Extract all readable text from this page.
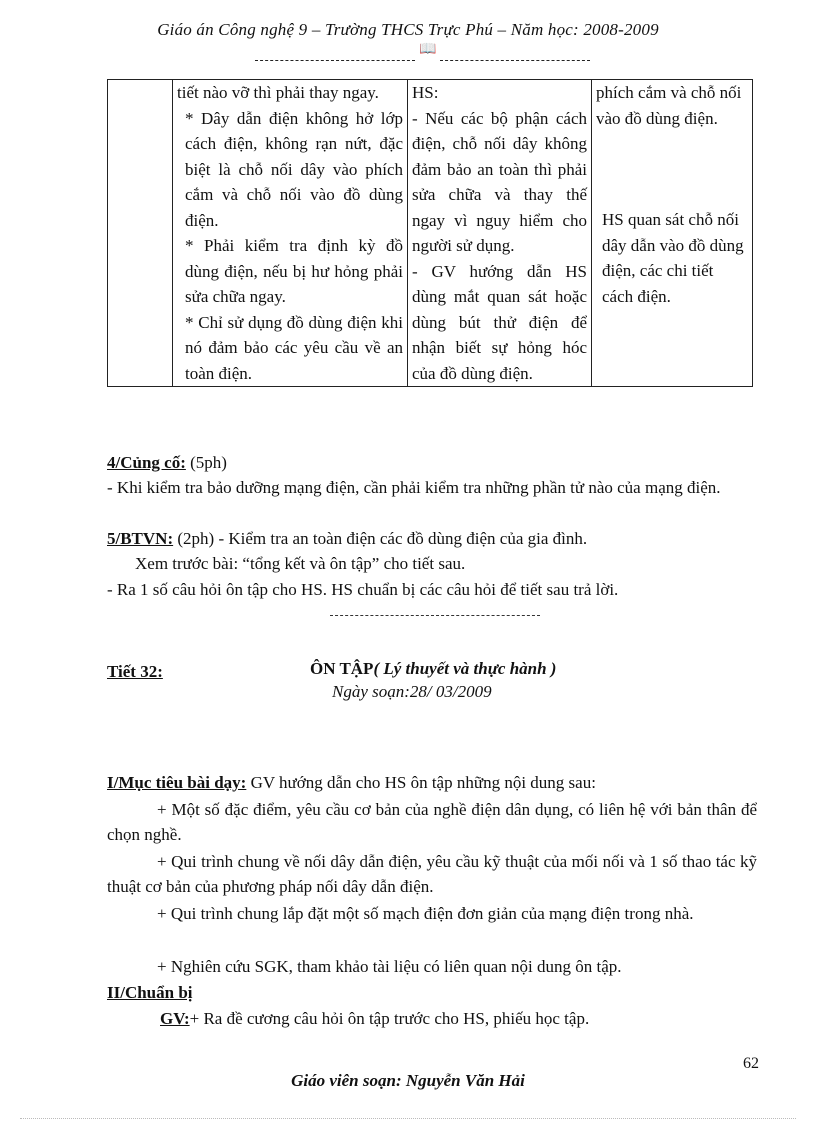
Giáo án Công nghệ 9 – Trường THCS Trực Phú – Năm học: 2008-2009
📖

tiết nào vỡ thì phải thay ngay.
* Dây dẫn điện không hở lớp cách điện, không rạn nứt, đặc biệt là chỗ nối dây vào phích cắm và chỗ nối vào đồ dùng điện.
* Phải kiểm tra định kỳ đồ dùng điện, nếu bị hư hỏng phải sửa chữa ngay.
* Chỉ sử dụng đồ dùng điện khi nó đảm bảo các yêu cầu về an toàn điện.

HS:
- Nếu các bộ phận cách điện, chỗ nối dây không đảm bảo an toàn thì phải sửa chữa và thay thế ngay vì nguy hiểm cho người sử dụng.
- GV hướng dẫn HS dùng mắt quan sát hoặc dùng bút thử điện để nhận biết sự hỏng hóc của đồ dùng điện.

phích cắm và chỗ nối vào đồ dùng điện.
HS quan sát chỗ nối dây dẫn vào đồ dùng điện, các chi tiết cách điện.
4/Củng cố: (5ph)
- Khi kiểm tra bảo dưỡng mạng điện, cần phải kiểm tra những phần tử nào của mạng điện.
5/BTVN: (2ph) - Kiểm tra an toàn điện các đồ dùng điện của gia đình.
Xem trước bài: “tổng kết và ôn tập” cho tiết sau.
- Ra 1 số câu hỏi ôn tập cho HS. HS chuẩn bị các câu hỏi để tiết sau trả lời.
Tiết 32:	ÔN TẬP( Lý thuyết và thực hành )
Ngày soạn:28/ 03/2009
I/Mục tiêu bài dạy: GV hướng dẫn cho HS ôn tập những nội dung sau:
+ Một số đặc điểm, yêu cầu cơ bản của nghề điện dân dụng, có liên hệ với bản thân để chọn nghề.
+ Qui trình chung về nối dây dẫn điện, yêu cầu kỹ thuật của mối nối và 1 số thao tác kỹ thuật cơ bản của phương pháp nối dây dẫn điện.
+ Qui trình chung lắp đặt một số mạch điện đơn giản của mạng điện trong nhà.
+ Nghiên cứu SGK, tham khảo tài liệu có liên quan nội dung ôn tập.
II/Chuẩn bị
GV:+ Ra đề cương câu hỏi ôn tập trước cho HS, phiếu học tập.
62
Giáo viên soạn: Nguyễn Văn Hải
